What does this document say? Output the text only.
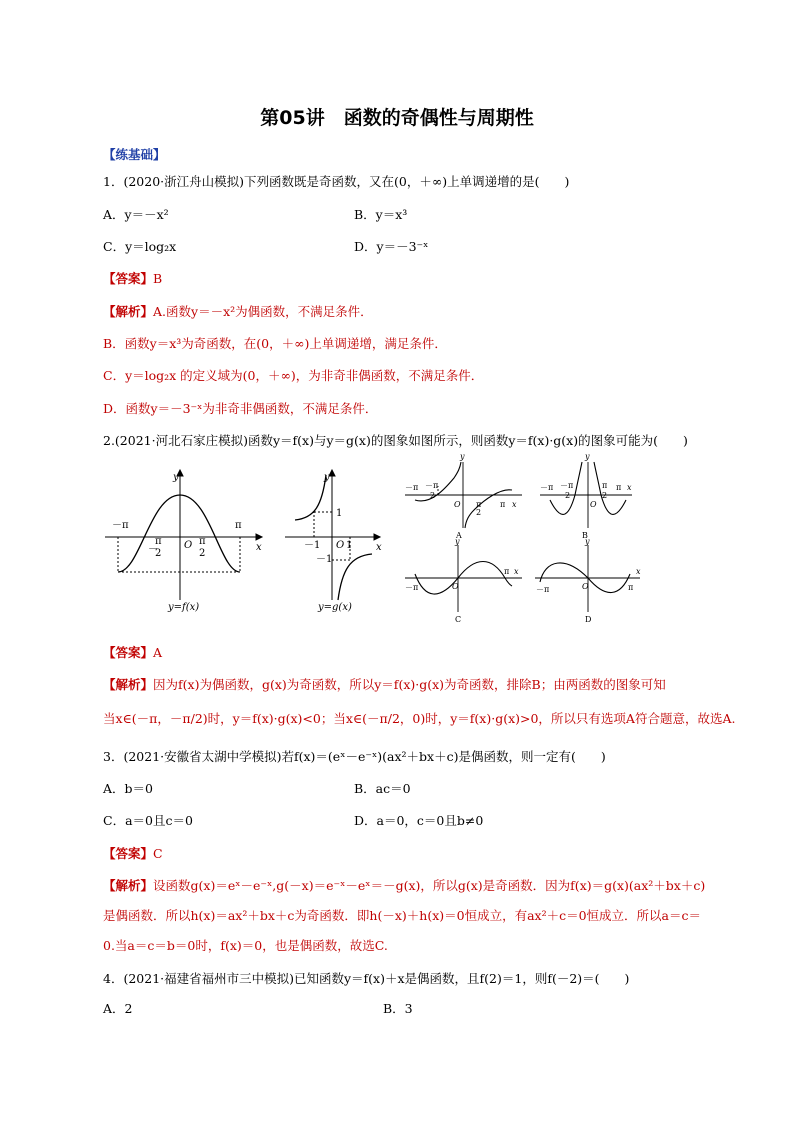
第05讲　函数的奇偶性与周期性
【练基础】
1．(2020·浙江舟山模拟)下列函数既是奇函数，又在(0，＋∞)上单调递增的是(　　)
A．y＝－x²	B．y＝x³
C．y＝log₂x	D．y＝－3⁻ˣ
【答案】B
【解析】A.函数y＝－x²为偶函数，不满足条件．
B．函数y＝x³为奇函数，在(0，＋∞)上单调递增，满足条件．
C．y＝log₂x 的定义域为(0，＋∞)，为非奇非偶函数，不满足条件．
D．函数y＝－3⁻ˣ为非奇非偶函数，不满足条件．
2.(2021·河北石家庄模拟)函数y＝f(x)与y＝g(x)的图象如图所示，则函数y＝f(x)·g(x)的图象可能为(　　)
y
x
－π	π
－
π
2
O π
2
y=f(x)
y
x
1
－1 O 1
－1
y=g(x)
－π －π
2
O π
2
π x
y
A
－π －π
2
O
π
2
π x
y
B
－π	O
π x
y
C
－π	O	π
x
y
D
【答案】A
【解析】因为f(x)为偶函数，g(x)为奇函数，所以y＝f(x)·g(x)为奇函数，排除B；由两函数的图象可知
当x∈(－π，－π/2)时，y＝f(x)·g(x)<0；当x∈(－π/2，0)时，y＝f(x)·g(x)>0，所以只有选项A符合题意，故选A.
3．(2021·安徽省太湖中学模拟)若f(x)＝(eˣ－e⁻ˣ)(ax²＋bx＋c)是偶函数，则一定有(　　)
A．b＝0	B．ac＝0
C．a＝0且c＝0	D．a＝0，c＝0且b≠0
【答案】C
【解析】设函数g(x)＝eˣ－e⁻ˣ,g(－x)＝e⁻ˣ－eˣ＝－g(x)，所以g(x)是奇函数．因为f(x)＝g(x)(ax²＋bx＋c)
是偶函数．所以h(x)＝ax²＋bx＋c为奇函数．即h(－x)＋h(x)＝0恒成立，有ax²＋c＝0恒成立．所以a＝c＝
0.当a＝c＝b＝0时，f(x)＝0，也是偶函数，故选C.
4．(2021·福建省福州市三中模拟)已知函数y＝f(x)＋x是偶函数，且f(2)＝1，则f(－2)＝(　　)
A．2	B．3
